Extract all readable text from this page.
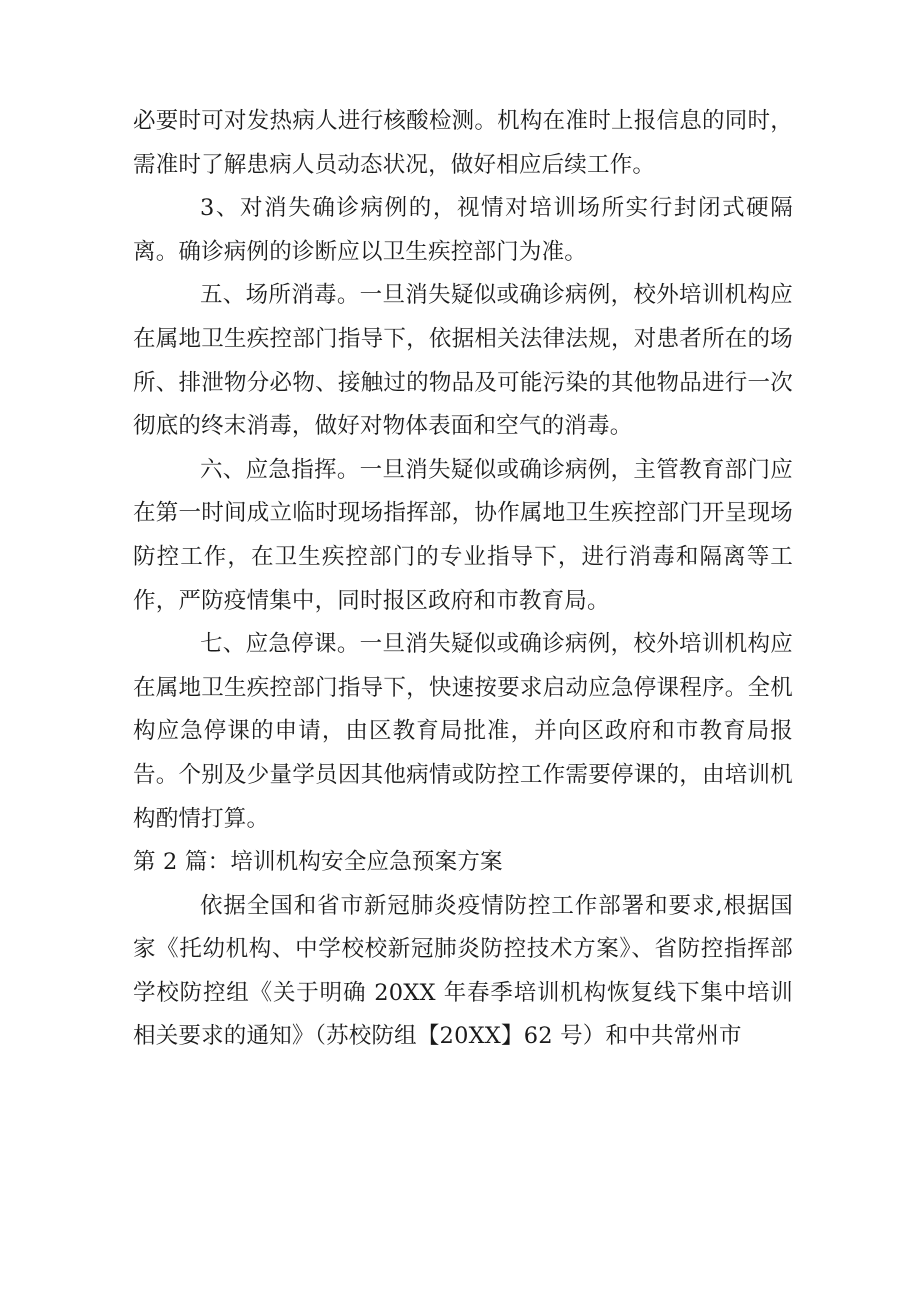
必要时可对发热病人进行核酸检测。机构在准时上报信息的同时，需准时了解患病人员动态状况，做好相应后续工作。

3、对消失确诊病例的，视情对培训场所实行封闭式硬隔离。确诊病例的诊断应以卫生疾控部门为准。

五、场所消毒。一旦消失疑似或确诊病例，校外培训机构应在属地卫生疾控部门指导下，依据相关法律法规，对患者所在的场所、排泄物分必物、接触过的物品及可能污染的其他物品进行一次彻底的终末消毒，做好对物体表面和空气的消毒。

六、应急指挥。一旦消失疑似或确诊病例，主管教育部门应在第一时间成立临时现场指挥部，协作属地卫生疾控部门开呈现场防控工作，在卫生疾控部门的专业指导下，进行消毒和隔离等工作，严防疫情集中，同时报区政府和市教育局。

七、应急停课。一旦消失疑似或确诊病例，校外培训机构应在属地卫生疾控部门指导下，快速按要求启动应急停课程序。全机构应急停课的申请，由区教育局批准，并向区政府和市教育局报告。个别及少量学员因其他病情或防控工作需要停课的，由培训机构酌情打算。

第 2 篇：培训机构安全应急预案方案

依据全国和省市新冠肺炎疫情防控工作部署和要求,根据国家《托幼机构、中学校校新冠肺炎防控技术方案》、省防控指挥部学校防控组《关于明确 20XX 年春季培训机构恢复线下集中培训相关要求的通知》（苏校防组【20XX】62 号）和中共常州市
